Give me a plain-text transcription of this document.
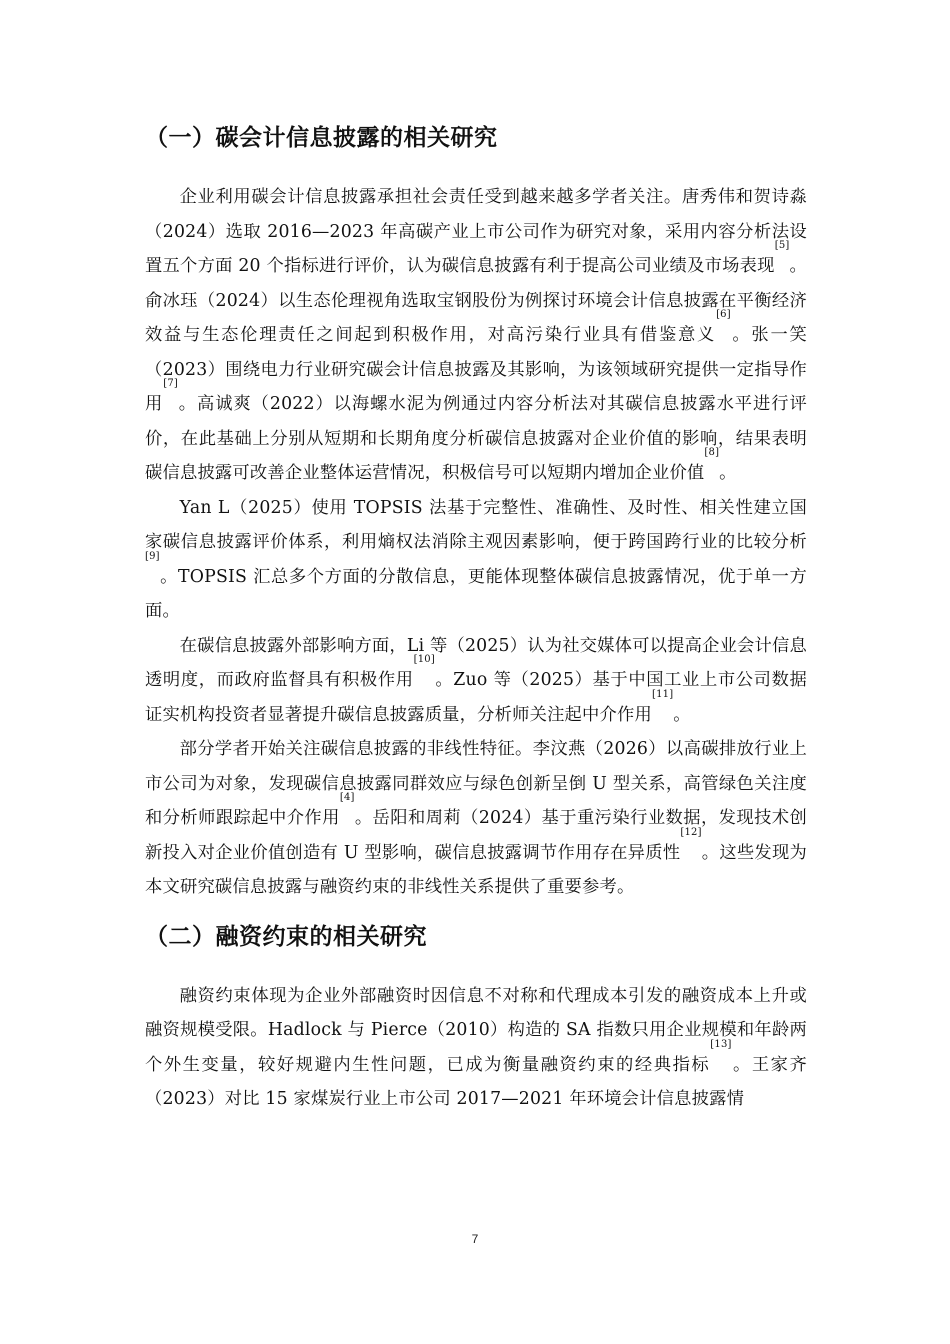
（一）碳会计信息披露的相关研究

企业利用碳会计信息披露承担社会责任受到越来越多学者关注。唐秀伟和贺诗淼（2024）选取 2016—2023 年高碳产业上市公司作为研究对象，采用内容分析法设置五个方面 20 个指标进行评价，认为碳信息披露有利于提高公司业绩及市场表现[5]。俞冰珏（2024）以生态伦理视角选取宝钢股份为例探讨环境会计信息披露在平衡经济效益与生态伦理责任之间起到积极作用，对高污染行业具有借鉴意义[6]。张一笑（2023）围绕电力行业研究碳会计信息披露及其影响，为该领域研究提供一定指导作用[7]。高诚爽（2022）以海螺水泥为例通过内容分析法对其碳信息披露水平进行评价，在此基础上分别从短期和长期角度分析碳信息披露对企业价值的影响，结果表明碳信息披露可改善企业整体运营情况，积极信号可以短期内增加企业价值[8]。

Yan L（2025）使用 TOPSIS 法基于完整性、准确性、及时性、相关性建立国家碳信息披露评价体系，利用熵权法消除主观因素影响，便于跨国跨行业的比较分析[9]。TOPSIS 汇总多个方面的分散信息，更能体现整体碳信息披露情况，优于单一方面。

在碳信息披露外部影响方面，Li 等（2025）认为社交媒体可以提高企业会计信息透明度，而政府监督具有积极作用[10]。Zuo 等（2025）基于中国工业上市公司数据证实机构投资者显著提升碳信息披露质量，分析师关注起中介作用[11]。

部分学者开始关注碳信息披露的非线性特征。李汶燕（2026）以高碳排放行业上市公司为对象，发现碳信息披露同群效应与绿色创新呈倒 U 型关系，高管绿色关注度和分析师跟踪起中介作用[4]。岳阳和周莉（2024）基于重污染行业数据，发现技术创新投入对企业价值创造有 U 型影响，碳信息披露调节作用存在异质性[12]。这些发现为本文研究碳信息披露与融资约束的非线性关系提供了重要参考。

（二）融资约束的相关研究

融资约束体现为企业外部融资时因信息不对称和代理成本引发的融资成本上升或融资规模受限。Hadlock 与 Pierce（2010）构造的 SA 指数只用企业规模和年龄两个外生变量，较好规避内生性问题，已成为衡量融资约束的经典指标[13]。王家齐（2023）对比 15 家煤炭行业上市公司 2017—2021 年环境会计信息披露情

7
